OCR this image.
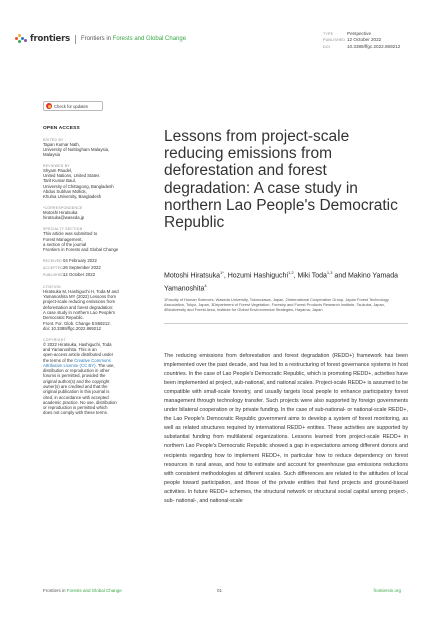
frontiers Frontiers in Forests and Global Change
TYPE	Perspective
PUBLISHED 12 October 2022
DOI	10.3389/ffgc.2022.869212
Check for updates
OPEN ACCESS
EDITED BY
Tapan Kumar Nath,
University of Nottingham Malaysia,
Malaysia
REVIEWED BY
Shyam Paudel,
United Nations, United States
Tarit Kumar Baul,
University of Chittagong, Bangladesh
Abdus Subhan Mollick,
Khulna University, Bangladesh
*CORRESPONDENCE
Motoshi Hiratsuka
hiratsuka@waseda.jp
SPECIALTY SECTION
This article was submitted to
Forest Management,
a section of the journal
Frontiers in Forests and Global Change
RECEIVED04 February 2022
ACCEPTED26 September 2022
PUBLISHED12 October 2022
CITATION
Hiratsuka M, Hashiguchi H, Toda M and
Yamanoshita MY (2022) Lessons from
project-scale reducing emissions from
deforestation and forest degradation:
A case study in northern Lao People's
Democratic Republic.
Front. For. Glob. Change 5:869212.
doi: 10.3389/ffgc.2022.869212
COPYRIGHT
© 2022 Hiratsuka, Hashiguchi, Toda
and Yamanoshita. This is an
open-access article distributed under
the terms of the Creative Commons
Attribution License (CC BY). The use,
distribution or reproduction in other
forums is permitted, provided the
original author(s) and the copyright
owner(s) are credited and that the
original publication in this journal is
cited, in accordance with accepted
academic practice. No use, distribution
or reproduction is permitted which
does not comply with these terms.
Lessons from project-scale reducing emissions from deforestation and forest degradation: A case study in northern Lao People's Democratic Republic
Motoshi Hiratsuka$^{1*}$, Hozumi Hashiguchi$^{1,2}$, Miki Toda$^{1,3}$ and Makino Yamada Yamanoshita$^4$
1Faculty of Human Sciences, Waseda University, Tokorozawa, Japan, 2International Cooperation Group, Japan Forest Technology Association, Tokyo, Japan, 3Department of Forest Vegetation, Forestry and Forest Products Research Institute, Tsukuba, Japan, 4Biodiversity and Forest Area, Institute for Global Environmental Strategies, Hayama, Japan

The reducing emissions from deforestation and forest degradation (REDD+) framework has been implemented over the past decade, and has led to a restructuring of forest governance systems in host countries. In the case of Lao People's Democratic Republic, which is promoting REDD+, activities have been implemented at project, sub-national, and national scales. Project-scale REDD+ is assumed to be compatible with small-scale forestry, and usually targets local people to enhance participatory forest management through technology transfer. Such projects were also supported by foreign governments under bilateral cooperation or by private funding. In the case of sub-national- or national-scale REDD+, the Lao People's Democratic Republic government aims to develop a system of forest monitoring, as well as related structures required by international REDD+ entities. These activities are supported by substantial funding from multilateral organizations. Lessons learned from project-scale REDD+ in northern Lao People's Democratic Republic showed a gap in expectations among different donors and recipients regarding how to implement REDD+, in particular how to reduce dependency on forest resources in rural areas, and how to estimate and account for greenhouse gas emissions reductions with consistent methodologies at different scales. Such differences are related to the attitudes of local people toward participation, and those of the private entities that fund projects and ground-based activities. In future REDD+ schemes, the structural network or structural social capital among project-, sub- national-, and national-scale

Frontiers in Forests and Global Change	01	frontiersin.org
